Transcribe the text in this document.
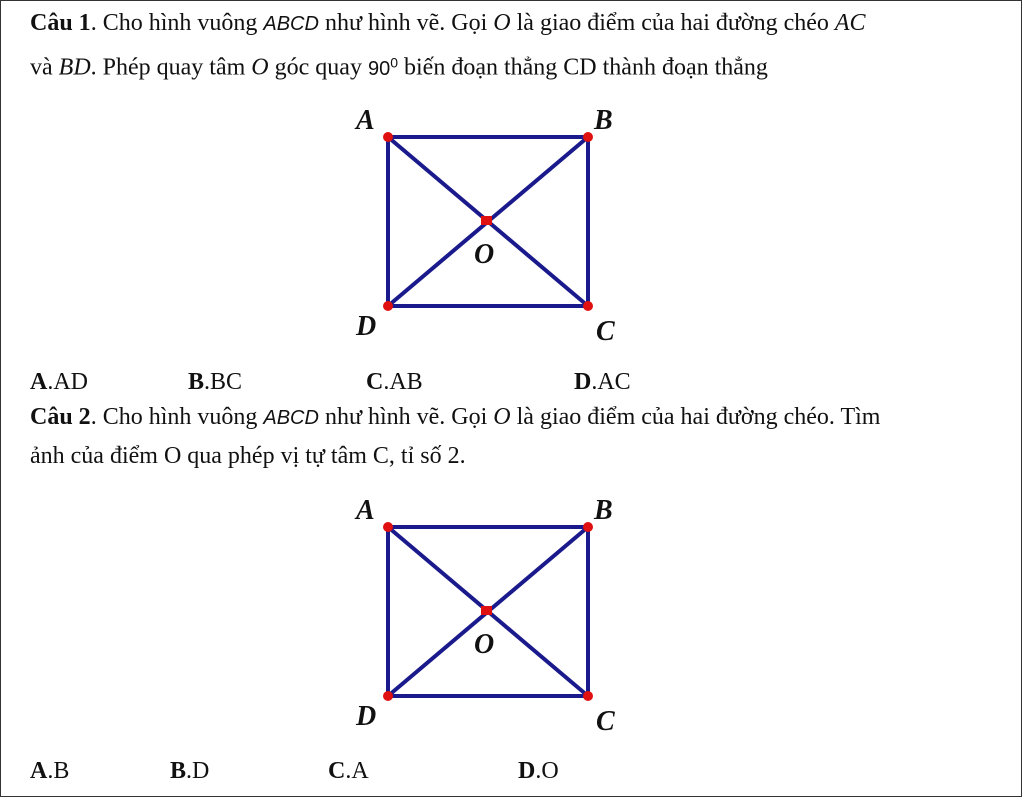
Câu 1. Cho hình vuông ABCD như hình vẽ. Gọi O là giao điểm của hai đường chéo AC
và BD. Phép quay tâm O góc quay $90^0$ biến đoạn thẳng CD thành đoạn thẳng
A	B
C
D
O
A.AD	B.BC	C.AB	D.AC
Câu 2. Cho hình vuông ABCD như hình vẽ. Gọi O là giao điểm của hai đường chéo. Tìm
ảnh của điểm O qua phép vị tự tâm C, tỉ số 2.
A	B
C
D
O
A.B	B.D	C.A	D.O
